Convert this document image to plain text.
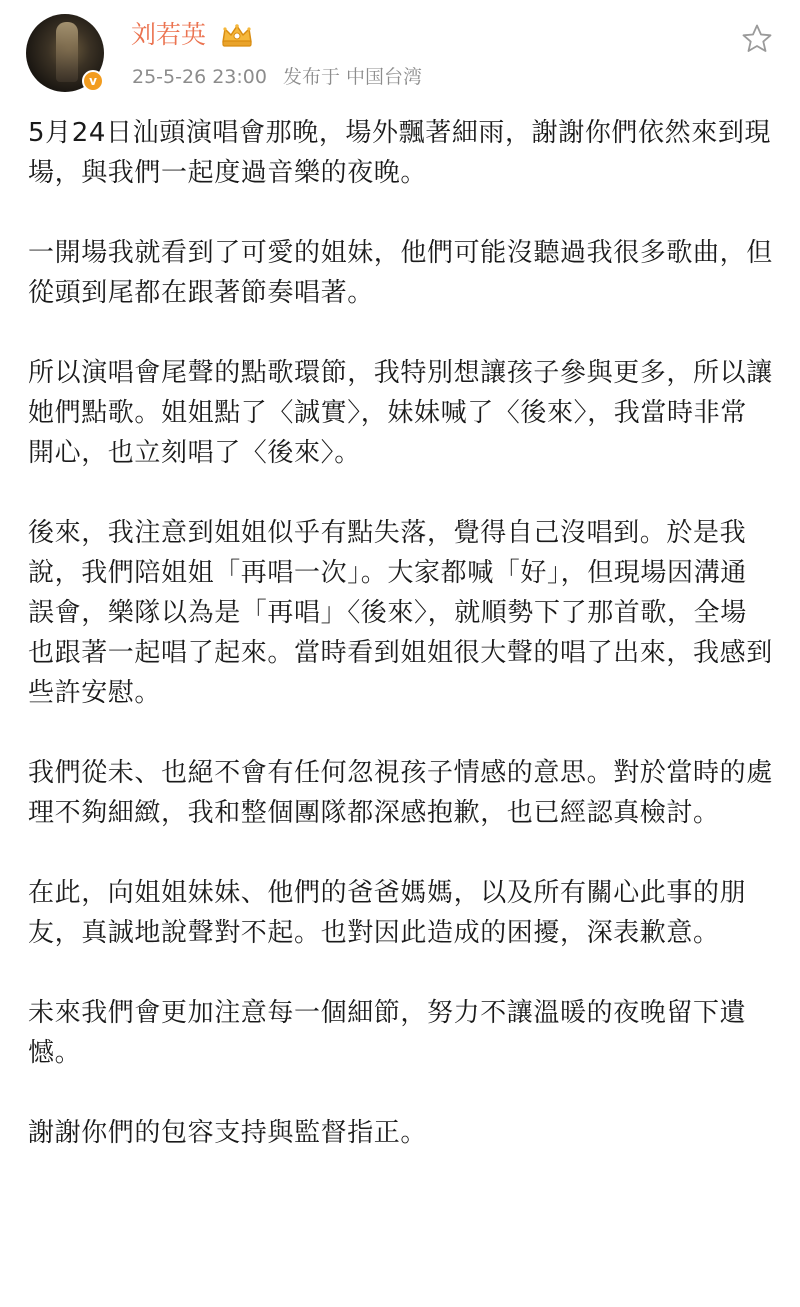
v
刘若英
25-5-26 23:00 发布于 中国台湾

5月24日汕頭演唱會那晚，場外飄著細雨，謝謝你們依然來到現場，與我們一起度過音樂的夜晚。

一開場我就看到了可愛的姐妹，他們可能沒聽過我很多歌曲，但從頭到尾都在跟著節奏唱著。

所以演唱會尾聲的點歌環節，我特別想讓孩子參與更多，所以讓她們點歌。姐姐點了〈誠實〉，妹妹喊了〈後來〉，我當時非常開心，也立刻唱了〈後來〉。

後來，我注意到姐姐似乎有點失落，覺得自己沒唱到。於是我說，我們陪姐姐「再唱一次」。大家都喊「好」，但現場因溝通誤會，樂隊以為是「再唱」〈後來〉，就順勢下了那首歌，全場也跟著一起唱了起來。當時看到姐姐很大聲的唱了出來，我感到些許安慰。

我們從未、也絕不會有任何忽視孩子情感的意思。對於當時的處理不夠細緻，我和整個團隊都深感抱歉，也已經認真檢討。

在此，向姐姐妹妹、他們的爸爸媽媽，以及所有關心此事的朋友，真誠地說聲對不起。也對因此造成的困擾，深表歉意。

未來我們會更加注意每一個細節，努力不讓溫暖的夜晚留下遺憾。

謝謝你們的包容支持與監督指正。
